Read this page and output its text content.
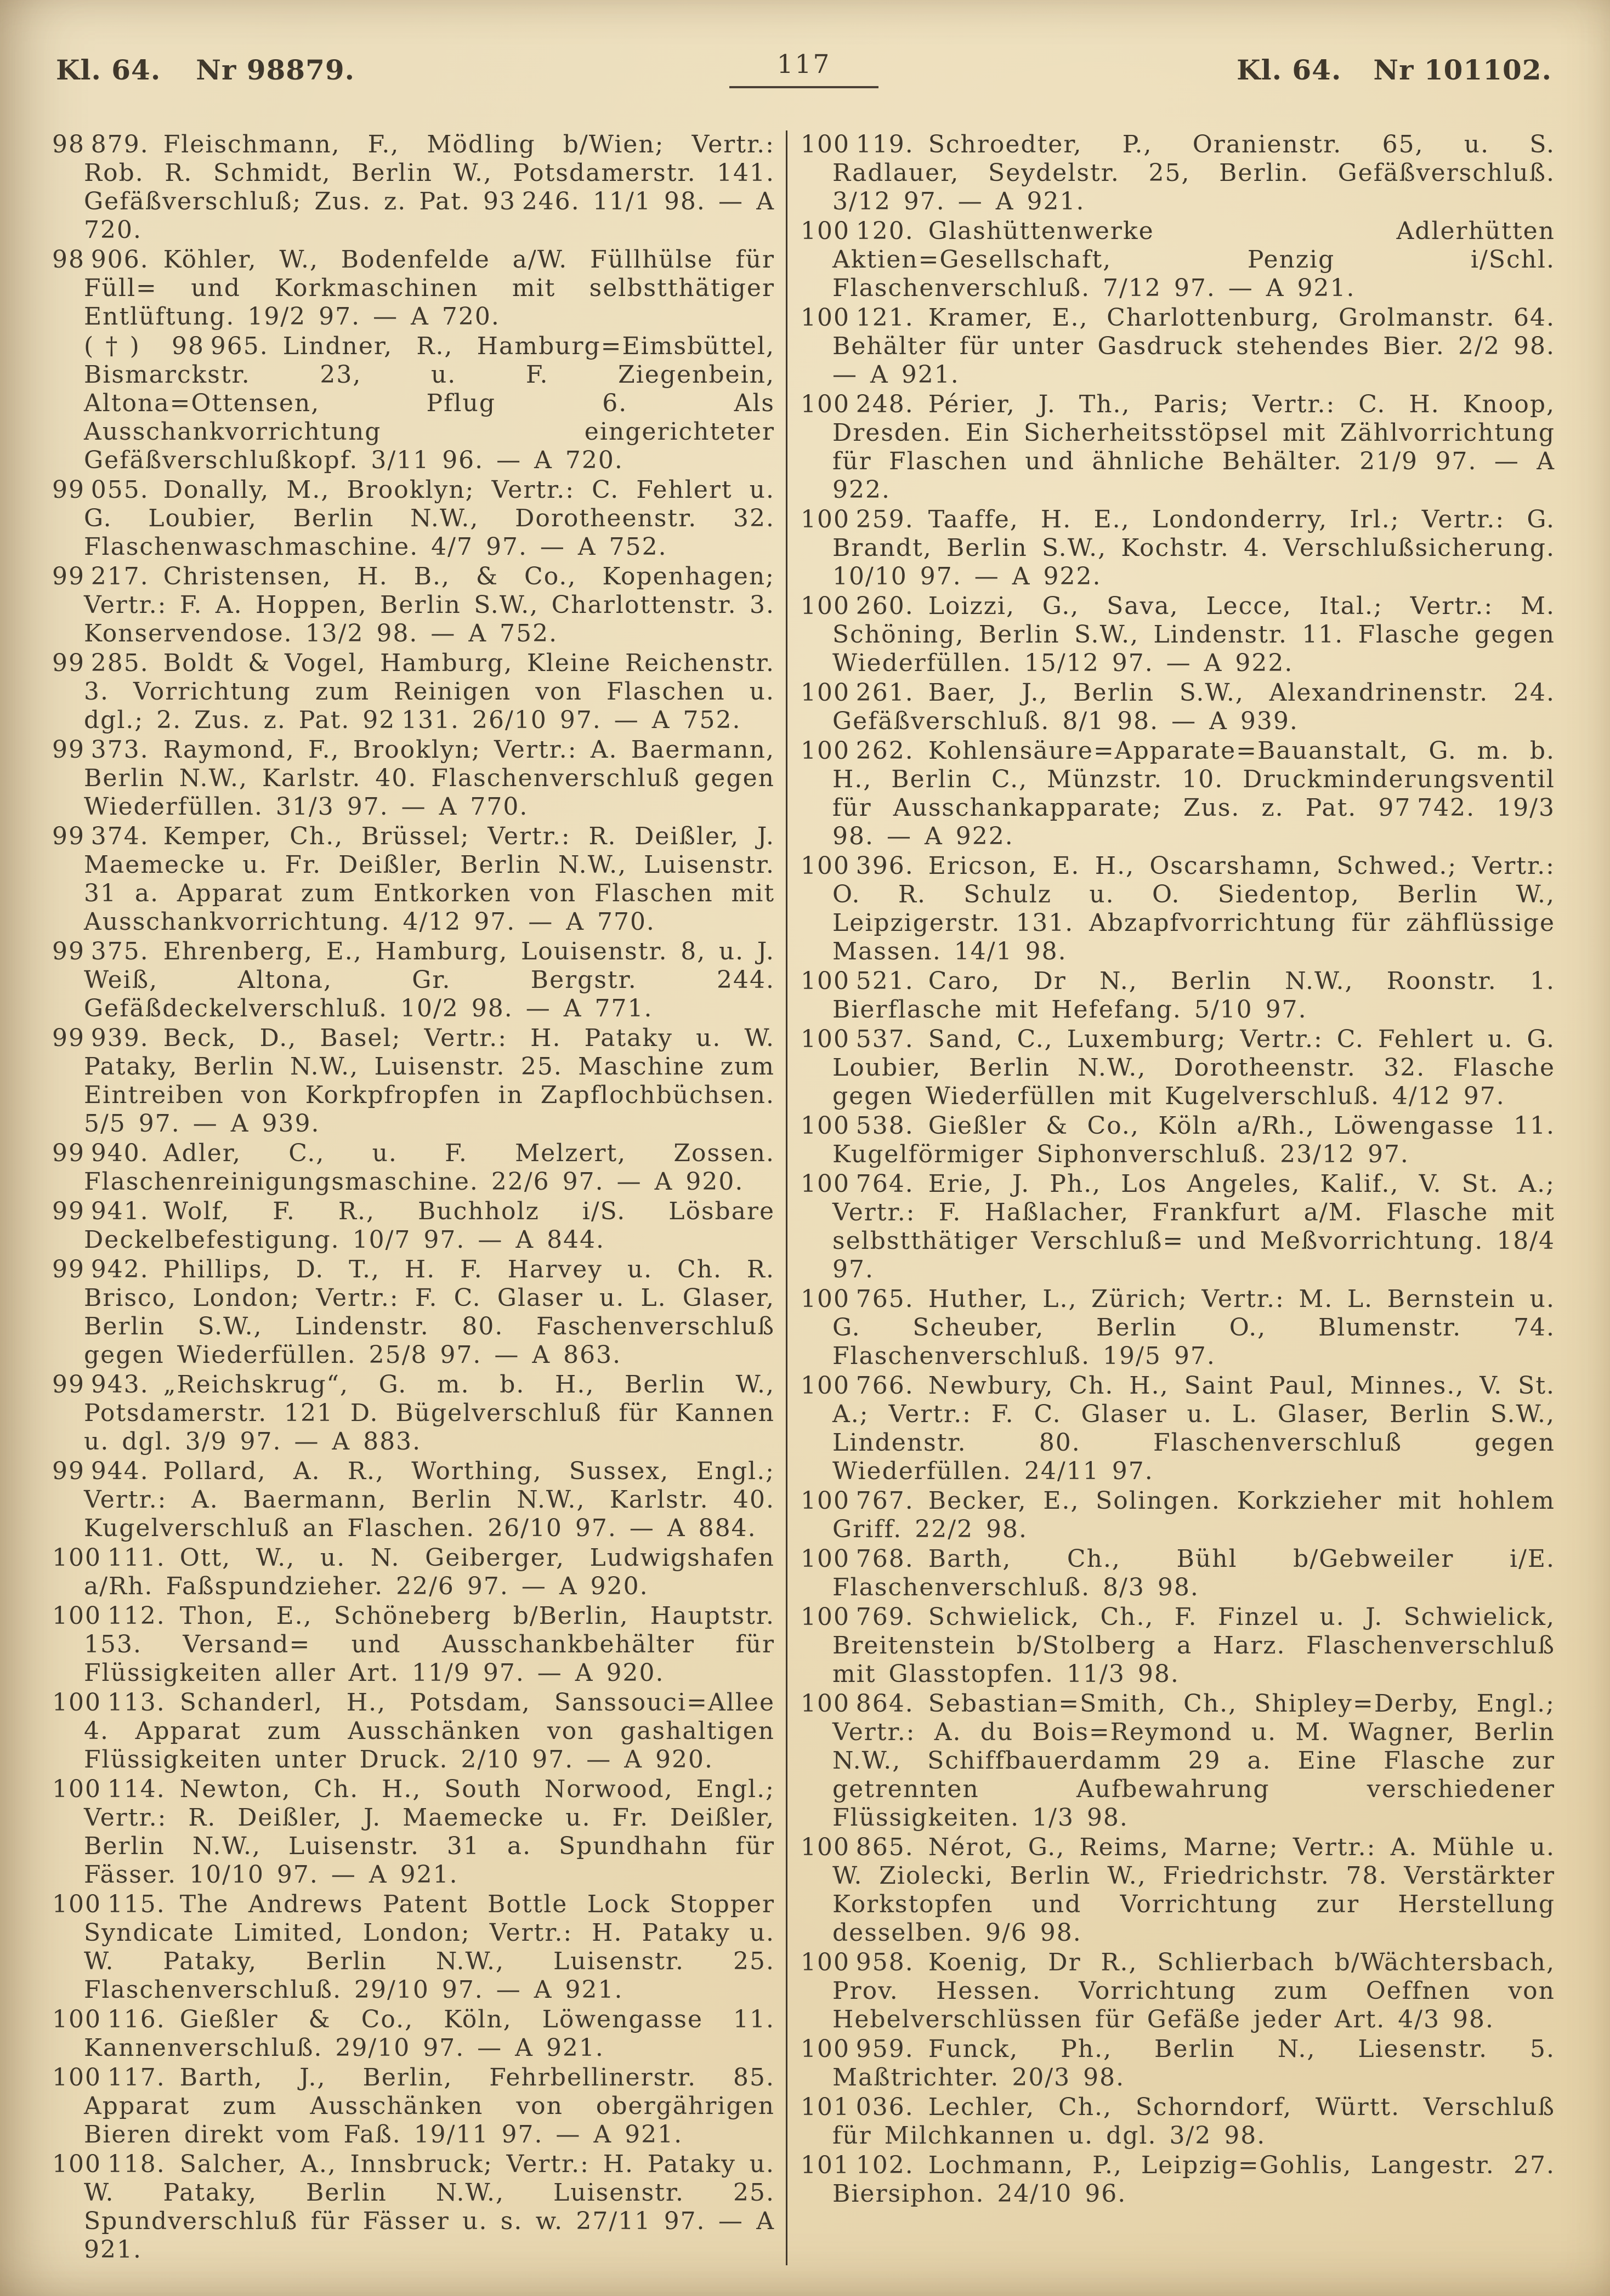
Kl. 64. Nr 98879.	117	Kl. 64. Nr 101102.

98 879. Fleischmann, F., Mödling b/Wien; Vertr.: Rob. R. Schmidt, Berlin W., Potsdamerstr. 141. Gefäßverschluß; Zus. z. Pat. 93 246. 11/1 98. — A 720.

98 906. Köhler, W., Bodenfelde a/W. Füllhülse für Füll= und Korkmaschinen mit selbstthätiger Entlüftung. 19/2 97. — A 720.

(†) 98 965. Lindner, R., Hamburg=Eimsbüttel, Bismarckstr. 23, u. F. Ziegenbein, Altona=Ottensen, Pflug 6. Als Ausschankvorrichtung eingerichteter Gefäßverschlußkopf. 3/11 96. — A 720.

99 055. Donally, M., Brooklyn; Vertr.: C. Fehlert u. G. Loubier, Berlin N.W., Dorotheenstr. 32. Flaschenwaschmaschine. 4/7 97. — A 752.

99 217. Christensen, H. B., & Co., Kopenhagen; Vertr.: F. A. Hoppen, Berlin S.W., Charlottenstr. 3. Konservendose. 13/2 98. — A 752.

99 285. Boldt & Vogel, Hamburg, Kleine Reichenstr. 3. Vorrichtung zum Reinigen von Flaschen u. dgl.; 2. Zus. z. Pat. 92 131. 26/10 97. — A 752.

99 373. Raymond, F., Brooklyn; Vertr.: A. Baermann, Berlin N.W., Karlstr. 40. Flaschenverschluß gegen Wiederfüllen. 31/3 97. — A 770.

99 374. Kemper, Ch., Brüssel; Vertr.: R. Deißler, J. Maemecke u. Fr. Deißler, Berlin N.W., Luisenstr. 31 a. Apparat zum Entkorken von Flaschen mit Ausschankvorrichtung. 4/12 97. — A 770.

99 375. Ehrenberg, E., Hamburg, Louisenstr. 8, u. J. Weiß, Altona, Gr. Bergstr. 244. Gefäßdeckelverschluß. 10/2 98. — A 771.

99 939. Beck, D., Basel; Vertr.: H. Pataky u. W. Pataky, Berlin N.W., Luisenstr. 25. Maschine zum Eintreiben von Korkpfropfen in Zapflochbüchsen. 5/5 97. — A 939.

99 940. Adler, C., u. F. Melzert, Zossen. Flaschenreinigungsmaschine. 22/6 97. — A 920.

99 941. Wolf, F. R., Buchholz i/S. Lösbare Deckelbefestigung. 10/7 97. — A 844.

99 942. Phillips, D. T., H. F. Harvey u. Ch. R. Brisco, London; Vertr.: F. C. Glaser u. L. Glaser, Berlin S.W., Lindenstr. 80. Faschenverschluß gegen Wiederfüllen. 25/8 97. — A 863.

99 943. „Reichskrug“, G. m. b. H., Berlin W., Potsdamerstr. 121 D. Bügelverschluß für Kannen u. dgl. 3/9 97. — A 883.

99 944. Pollard, A. R., Worthing, Sussex, Engl.; Vertr.: A. Baermann, Berlin N.W., Karlstr. 40. Kugelverschluß an Flaschen. 26/10 97. — A 884.

100 111. Ott, W., u. N. Geiberger, Ludwigshafen a/Rh. Faßspundzieher. 22/6 97. — A 920.

100 112. Thon, E., Schöneberg b/Berlin, Hauptstr. 153. Versand= und Ausschankbehälter für Flüssigkeiten aller Art. 11/9 97. — A 920.

100 113. Schanderl, H., Potsdam, Sanssouci=Allee 4. Apparat zum Ausschänken von gashaltigen Flüssigkeiten unter Druck. 2/10 97. — A 920.

100 114. Newton, Ch. H., South Norwood, Engl.; Vertr.: R. Deißler, J. Maemecke u. Fr. Deißler, Berlin N.W., Luisenstr. 31 a. Spundhahn für Fässer. 10/10 97. — A 921.

100 115. The Andrews Patent Bottle Lock Stopper Syndicate Limited, London; Vertr.: H. Pataky u. W. Pataky, Berlin N.W., Luisenstr. 25. Flaschenverschluß. 29/10 97. — A 921.

100 116. Gießler & Co., Köln, Löwengasse 11. Kannenverschluß. 29/10 97. — A 921.

100 117. Barth, J., Berlin, Fehrbellinerstr. 85. Apparat zum Ausschänken von obergährigen Bieren direkt vom Faß. 19/11 97. — A 921.

100 118. Salcher, A., Innsbruck; Vertr.: H. Pataky u. W. Pataky, Berlin N.W., Luisenstr. 25. Spundverschluß für Fässer u. s. w. 27/11 97. — A 921.

100 119. Schroedter, P., Oranienstr. 65, u. S. Radlauer, Seydelstr. 25, Berlin. Gefäßverschluß. 3/12 97. — A 921.

100 120. Glashüttenwerke Adlerhütten Aktien=Gesellschaft, Penzig i/Schl. Flaschenverschluß. 7/12 97. — A 921.

100 121. Kramer, E., Charlottenburg, Grolmanstr. 64. Behälter für unter Gasdruck stehendes Bier. 2/2 98. — A 921.

100 248. Périer, J. Th., Paris; Vertr.: C. H. Knoop, Dresden. Ein Sicherheitsstöpsel mit Zählvorrichtung für Flaschen und ähnliche Behälter. 21/9 97. — A 922.

100 259. Taaffe, H. E., Londonderry, Irl.; Vertr.: G. Brandt, Berlin S.W., Kochstr. 4. Verschlußsicherung. 10/10 97. — A 922.

100 260. Loizzi, G., Sava, Lecce, Ital.; Vertr.: M. Schöning, Berlin S.W., Lindenstr. 11. Flasche gegen Wiederfüllen. 15/12 97. — A 922.

100 261. Baer, J., Berlin S.W., Alexandrinenstr. 24. Gefäßverschluß. 8/1 98. — A 939.

100 262. Kohlensäure=Apparate=Bauanstalt, G. m. b. H., Berlin C., Münzstr. 10. Druckminderungsventil für Ausschankapparate; Zus. z. Pat. 97 742. 19/3 98. — A 922.

100 396. Ericson, E. H., Oscarshamn, Schwed.; Vertr.: O. R. Schulz u. O. Siedentop, Berlin W., Leipzigerstr. 131. Abzapfvorrichtung für zähflüssige Massen. 14/1 98.

100 521. Caro, Dr N., Berlin N.W., Roonstr. 1. Bierflasche mit Hefefang. 5/10 97.

100 537. Sand, C., Luxemburg; Vertr.: C. Fehlert u. G. Loubier, Berlin N.W., Dorotheenstr. 32. Flasche gegen Wiederfüllen mit Kugelverschluß. 4/12 97.

100 538. Gießler & Co., Köln a/Rh., Löwengasse 11. Kugelförmiger Siphonverschluß. 23/12 97.

100 764. Erie, J. Ph., Los Angeles, Kalif., V. St. A.; Vertr.: F. Haßlacher, Frankfurt a/M. Flasche mit selbstthätiger Verschluß= und Meßvorrichtung. 18/4 97.

100 765. Huther, L., Zürich; Vertr.: M. L. Bernstein u. G. Scheuber, Berlin O., Blumenstr. 74. Flaschenverschluß. 19/5 97.

100 766. Newbury, Ch. H., Saint Paul, Minnes., V. St. A.; Vertr.: F. C. Glaser u. L. Glaser, Berlin S.W., Lindenstr. 80. Flaschenverschluß gegen Wiederfüllen. 24/11 97.

100 767. Becker, E., Solingen. Korkzieher mit hohlem Griff. 22/2 98.

100 768. Barth, Ch., Bühl b/Gebweiler i/E. Flaschenverschluß. 8/3 98.

100 769. Schwielick, Ch., F. Finzel u. J. Schwielick, Breitenstein b/Stolberg a Harz. Flaschenverschluß mit Glasstopfen. 11/3 98.

100 864. Sebastian=Smith, Ch., Shipley=Derby, Engl.; Vertr.: A. du Bois=Reymond u. M. Wagner, Berlin N.W., Schiffbauerdamm 29 a. Eine Flasche zur getrennten Aufbewahrung verschiedener Flüssigkeiten. 1/3 98.

100 865. Nérot, G., Reims, Marne; Vertr.: A. Mühle u. W. Ziolecki, Berlin W., Friedrichstr. 78. Verstärkter Korkstopfen und Vorrichtung zur Herstellung desselben. 9/6 98.

100 958. Koenig, Dr R., Schlierbach b/Wächtersbach, Prov. Hessen. Vorrichtung zum Oeffnen von Hebelverschlüssen für Gefäße jeder Art. 4/3 98.

100 959. Funck, Ph., Berlin N., Liesenstr. 5. Maßtrichter. 20/3 98.

101 036. Lechler, Ch., Schorndorf, Württ. Verschluß für Milchkannen u. dgl. 3/2 98.

101 102. Lochmann, P., Leipzig=Gohlis, Langestr. 27. Biersiphon. 24/10 96.
